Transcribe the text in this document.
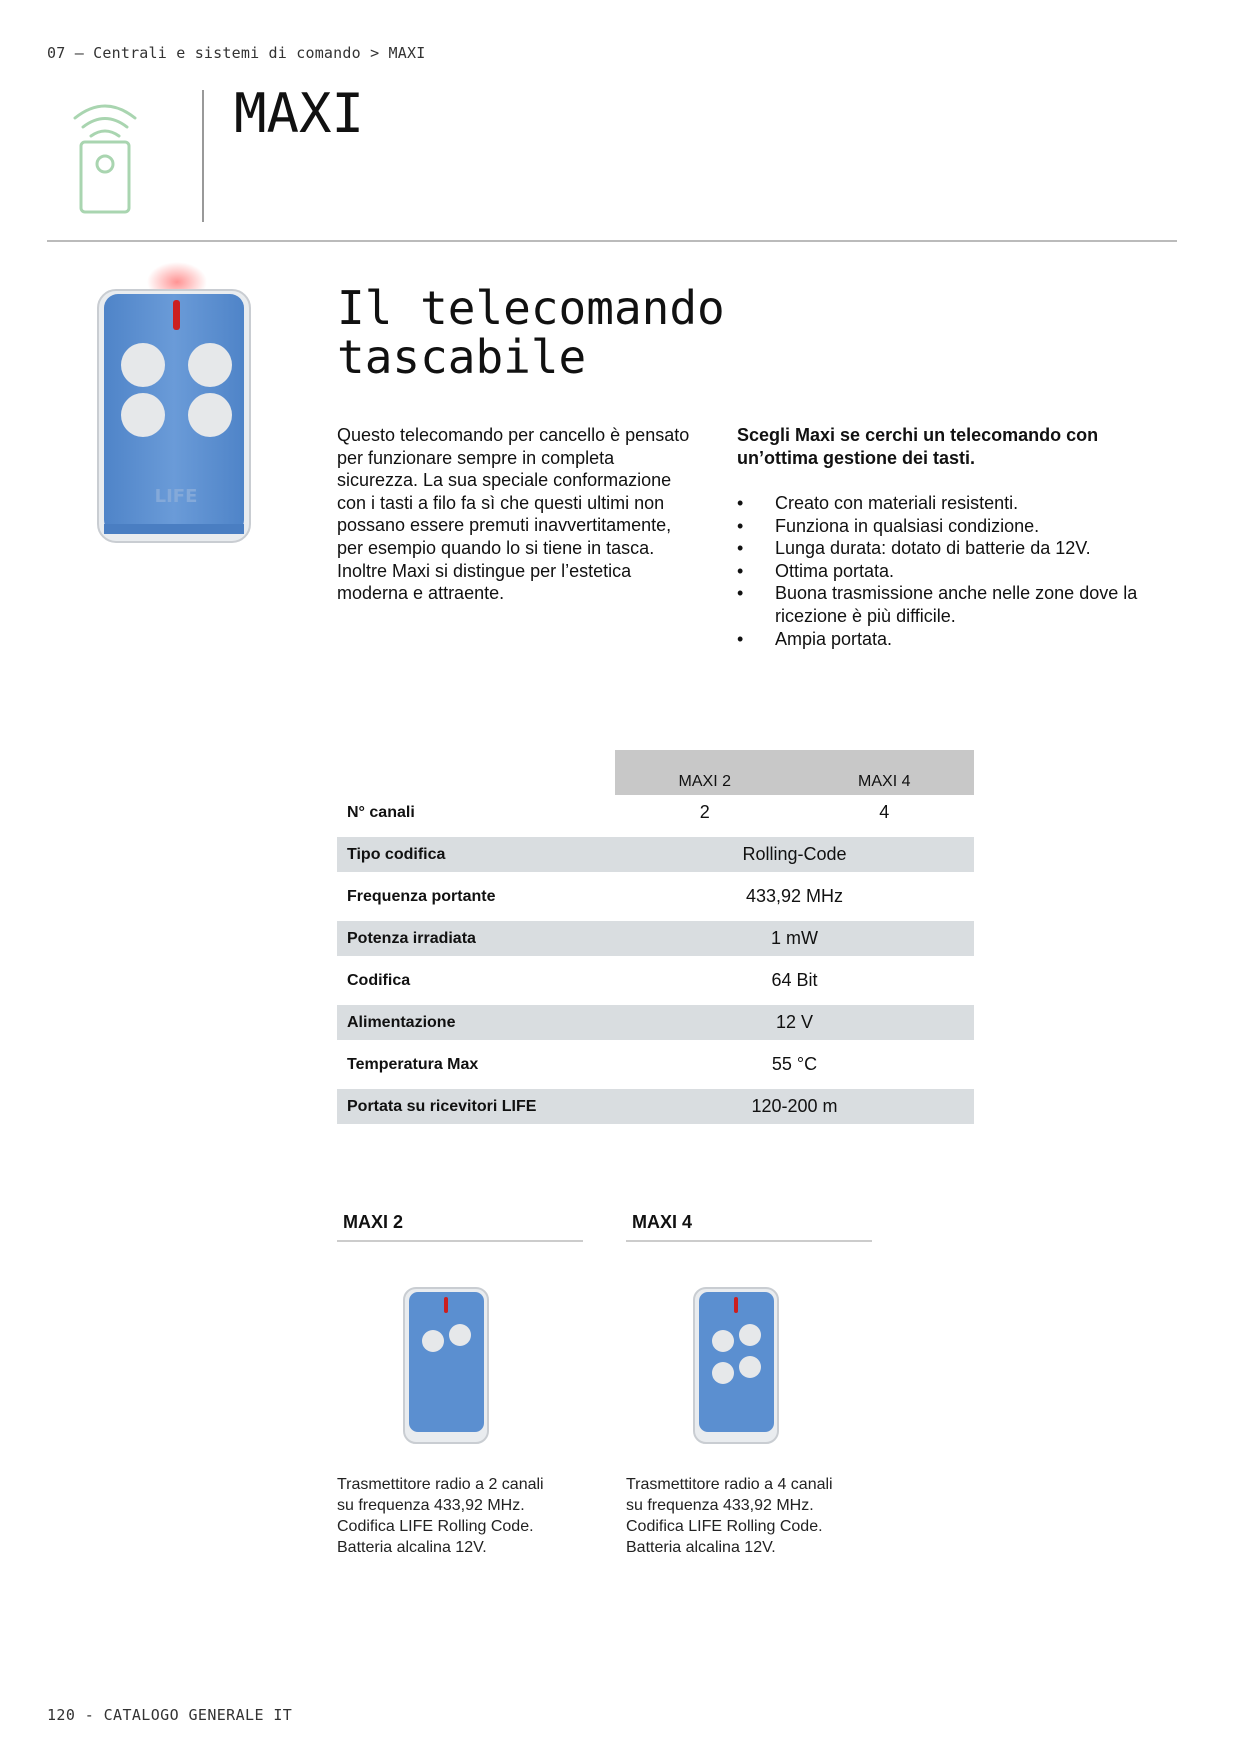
07 — Centrali e sistemi di comando > MAXI
MAXI
LIFE
Il telecomando
tascabile
Questo telecomando per cancello è pensato per funzionare sempre in completa sicurezza. La sua speciale conformazione con i tasti a filo fa sì che questi ultimi non possano essere premuti inavvertitamente, per esempio quando lo si tiene in tasca. Inoltre Maxi si distingue per l’estetica moderna e attraente.
Scegli Maxi se cerchi un telecomando con un’ottima gestione dei tasti.
• Creato con materiali resistenti.
• Funziona in qualsiasi condizione.
• Lunga durata: dotato di batterie da 12V.
• Ottima portata.
• Buona trasmissione anche nelle zone dove la ricezione è più difficile.
• Ampia portata.
	MAXI 2	MAXI 4
N° canali	2	4

Tipo codifica	Rolling-Code	

Frequenza portante	433,92 MHz	

Potenza irradiata	1 mW	

Codifica	64 Bit	

Alimentazione	12 V	

Temperatura Max	55 °C	

Portata su ricevitori LIFE	120-200 m	
MAXI 2
Trasmettitore radio a 2 canali
su frequenza 433,92 MHz.
Codifica LIFE Rolling Code.
Batteria alcalina 12V.
MAXI 4
Trasmettitore radio a 4 canali
su frequenza 433,92 MHz.
Codifica LIFE Rolling Code.
Batteria alcalina 12V.
120 - CATALOGO GENERALE IT
